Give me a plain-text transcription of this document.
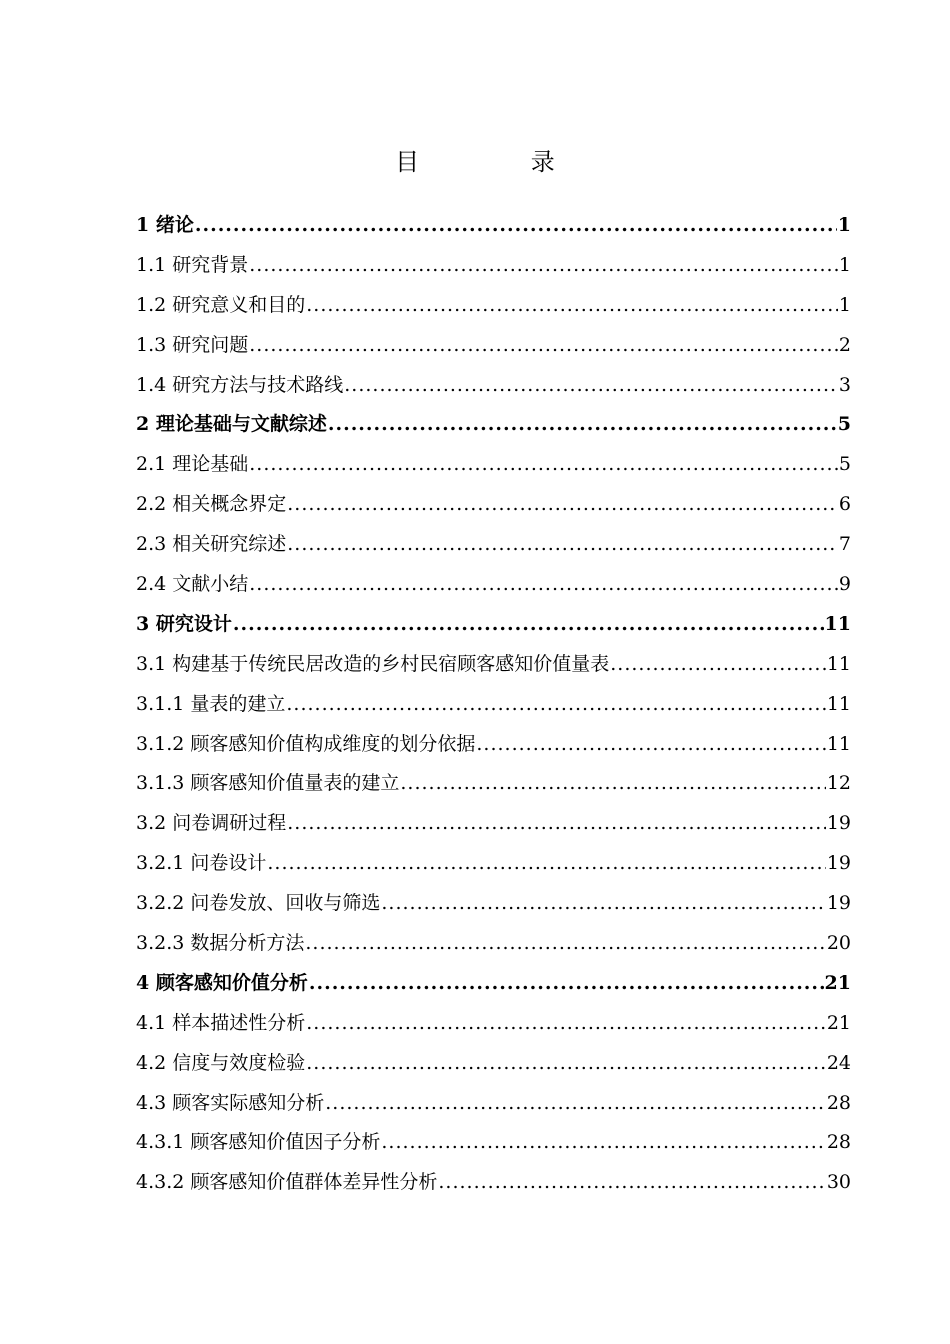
目 录
1 绪论 .....	1
1.1 研究背景 .....	1
1.2 研究意义和目的 .....	1
1.3 研究问题 .....	2
1.4 研究方法与技术路线 .....	3
2 理论基础与文献综述 .....	5
2.1 理论基础 .....	5
2.2 相关概念界定 .....	6
2.3 相关研究综述 .....	7
2.4 文献小结 .....	9
3 研究设计 .....	11
3.1 构建基于传统民居改造的乡村民宿顾客感知价值量表 .....	11
3.1.1 量表的建立 .....	11
3.1.2 顾客感知价值构成维度的划分依据 .....	11
3.1.3 顾客感知价值量表的建立 .....	12
3.2 问卷调研过程 .....	19
3.2.1 问卷设计 .....	19
3.2.2 问卷发放、回收与筛选 .....	19
3.2.3 数据分析方法 .....	20
4 顾客感知价值分析 .....	21
4.1 样本描述性分析 .....	21
4.2 信度与效度检验 .....	24
4.3 顾客实际感知分析 .....	28
4.3.1 顾客感知价值因子分析 .....	28
4.3.2 顾客感知价值群体差异性分析 .....	30
